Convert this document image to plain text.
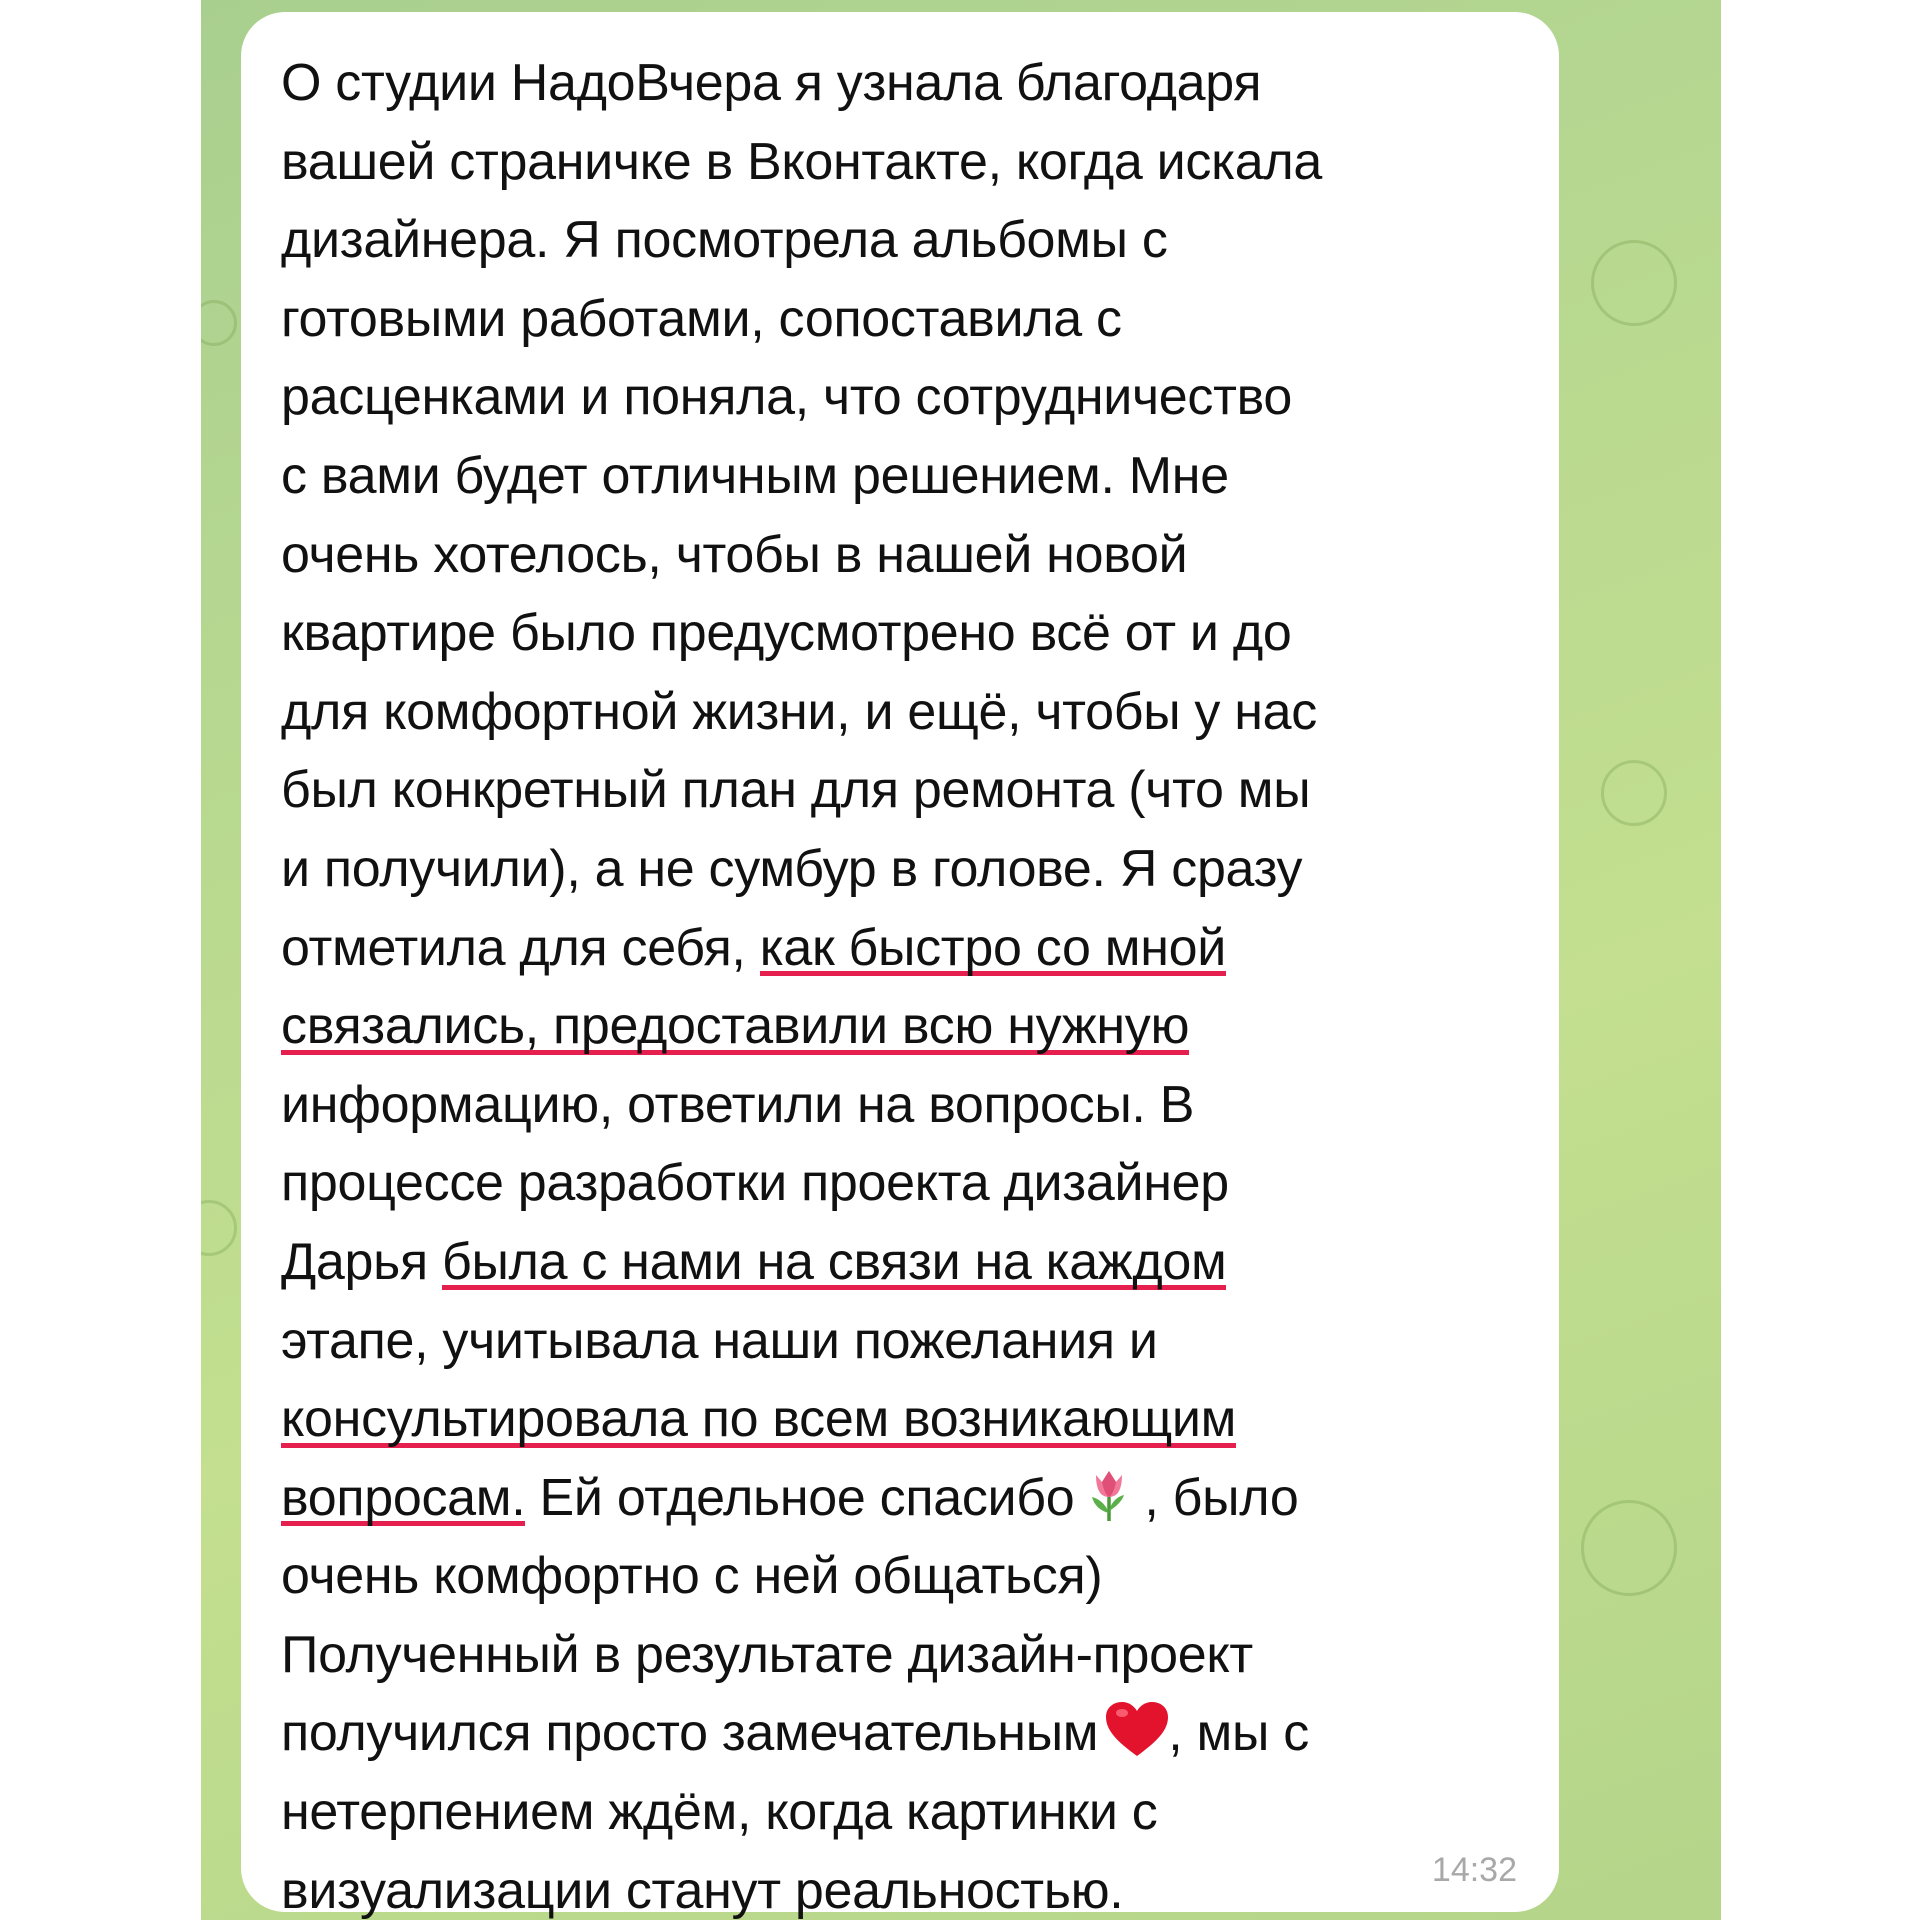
О студии НадоВчера я узнала благодаря
вашей страничке в Вконтакте, когда искала
дизайнера. Я посмотрела альбомы с
готовыми работами, сопоставила с
расценками и поняла, что сотрудничество
с вами будет отличным решением. Мне
очень хотелось, чтобы в нашей новой
квартире было предусмотрено всё от и до
для комфортной жизни, и ещё, чтобы у нас
был конкретный план для ремонта (что мы
и получили), а не сумбур в голове. Я сразу
отметила для себя, как быстро со мной
связались, предоставили всю нужную
информацию, ответили на вопросы. В
процессе разработки проекта дизайнер
Дарья была с нами на связи на каждом
этапе, учитывала наши пожелания и
консультировала по всем возникающим
вопросам. Ей отдельное спасибо , было
очень комфортно с ней общаться)
Полученный в результате дизайн-проект
получился просто замечательным , мы с
нетерпением ждём, когда картинки с
визуализации станут реальностью.	14:32
